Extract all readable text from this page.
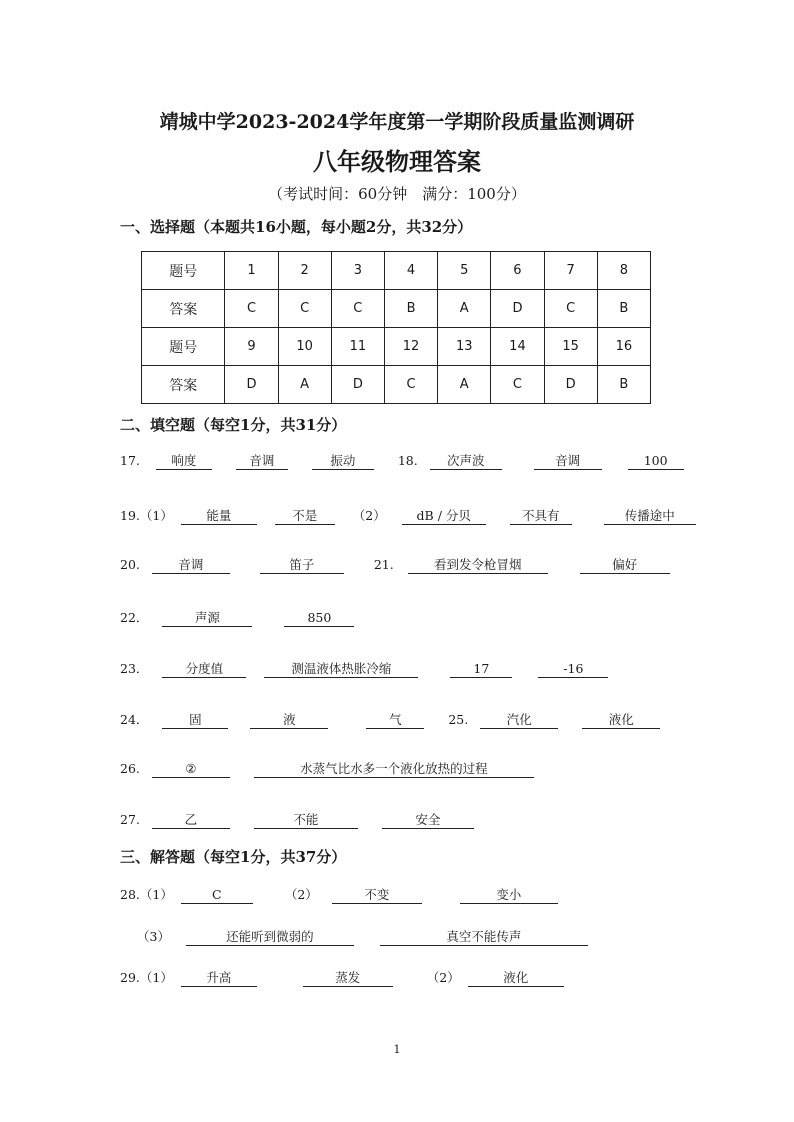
靖城中学2023-2024学年度第一学期阶段质量监测调研
八年级物理答案
（考试时间：60分钟　满分：100分）
一、选择题（本题共16小题，每小题2分，共32分）
题号	1	2	3	4	5	6	7	8
答案	C	C	C	B	A	D	C	B
题号	9	10	11	12	13	14	15	16
答案	D	A	D	C	A	C	D	B
二、填空题（每空1分，共31分）
17.	响度	音调	振动	18. 次声波	音调	100
19.（1）	能量	不是	（2） dB / 分贝	不具有	传播途中
20.	音调	笛子	21.	看到发令枪冒烟	偏好
22．	声源	850
23．	分度值	测温液体热胀冷缩	17	-16
24．	固	液	气	25.	汽化	液化
26.	②	水蒸气比水多一个液化放热的过程
27.	乙	不能	安全
三、解答题（每空1分，共37分）
28.（1）	C	（2）	不变	变小
（3）	还能听到微弱的	真空不能传声
29.（1）	升高	蒸发	（2）	液化
1
